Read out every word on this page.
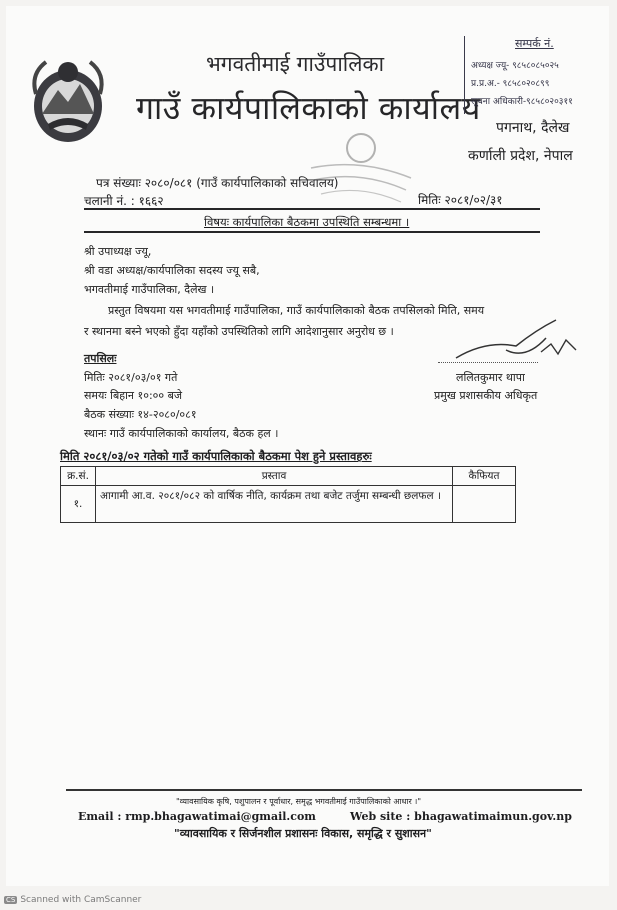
भगवतीमाई गाउँपालिका
गाउँ कार्यपालिकाको कार्यालय
सम्पर्क नं.
अध्यक्ष ज्यू- ९८५८०८५०२५
प्र.प्र.अ.- ९८५८०२०८९९
सूचना अधिकारी-९८५८०२०३११
पगनाथ, दैलेख
कर्णाली प्रदेश, नेपाल
पत्र संख्याः २०८०/०८१ (गाउँ कार्यपालिकाको सचिवालय)
चलानी नं. : १६६२	मितिः २०८१/०२/३१
विषयः कार्यपालिका बैठकमा उपस्थिति सम्बन्धमा ।
श्री उपाध्यक्ष ज्यू,
श्री वडा अध्यक्ष/कार्यपालिका सदस्य ज्यू सबै,
भगवतीमाई गाउँपालिका, दैलेख ।
प्रस्तुत विषयमा यस भगवतीमाई गाउँपालिका, गाउँ कार्यपालिकाको बैठक तपसिलको मिति, समय
र स्थानमा बस्ने भएको हुँदा यहाँको उपस्थितिको लागि आदेशानुसार अनुरोध छ ।
तपसिलः
मितिः २०८१/०३/०१ गते
समयः बिहान १०:०० बजे
बैठक संख्याः १४-२०८०/०८१
स्थानः गाउँ कार्यपालिकाको कार्यालय, बैठक हल ।
ललितकुमार थापा
प्रमुख प्रशासकीय अधिकृत
मिति २०८१/०३/०२ गतेको गाउँ कार्यपालिकाको बैठकमा पेश हुने प्रस्तावहरुः
क्र.सं.	प्रस्ताव	कैफियत
१.	आगामी आ.व. २०८१/०८२ को वार्षिक नीति, कार्यक्रम तथा बजेट तर्जुमा सम्बन्धी छलफल ।	
"व्यावसायिक कृषि, पशुपालन र पूर्वाधार, समृद्ध भगवतीमाई गाउँपालिकाको आधार ।"
Email : rmp.bhagawatimai@gmail.com	Web site : bhagawatimaimun.gov.np
"व्यावसायिक र सिर्जनशील प्रशासनः विकास, समृद्धि र सुशासन"
CS Scanned with CamScanner
